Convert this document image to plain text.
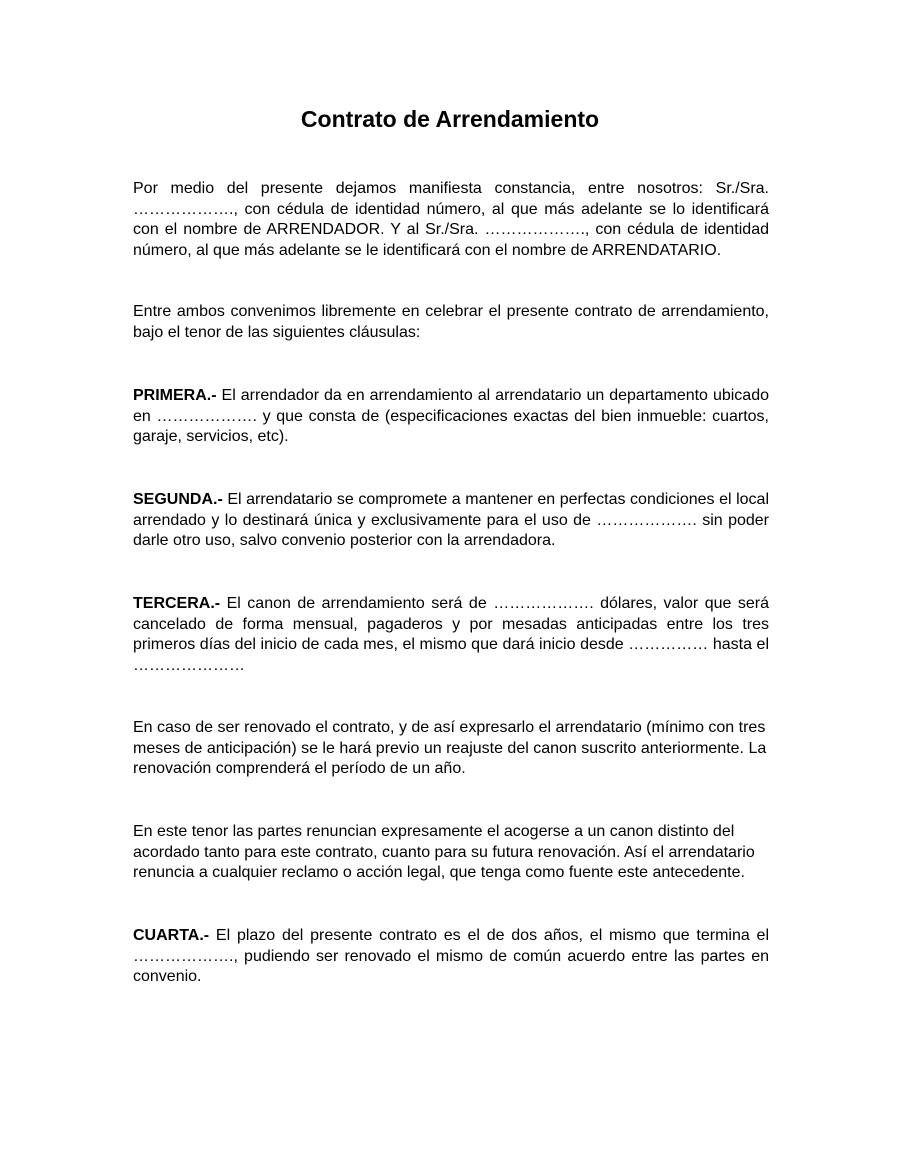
Contrato de Arrendamiento

Por medio del presente dejamos manifiesta constancia, entre nosotros: Sr./Sra. ………………., con cédula de identidad número, al que más adelante se lo identificará con el nombre de ARRENDADOR. Y al Sr./Sra. ………………., con cédula de identidad número, al que más adelante se le identificará con el nombre de ARRENDATARIO.

Entre ambos convenimos libremente en celebrar el presente contrato de arrendamiento, bajo el tenor de las siguientes cláusulas:

PRIMERA.- El arrendador da en arrendamiento al arrendatario un departamento ubicado en ………………. y que consta de (especificaciones exactas del bien inmueble: cuartos, garaje, servicios, etc).

SEGUNDA.- El arrendatario se compromete a mantener en perfectas condiciones el local arrendado y lo destinará única y exclusivamente para el uso de ………………. sin poder darle otro uso, salvo convenio posterior con la arrendadora.

TERCERA.- El canon de arrendamiento será de ………………. dólares, valor que será cancelado de forma mensual, pagaderos y por mesadas anticipadas entre los tres primeros días del inicio de cada mes, el mismo que dará inicio desde …………… hasta el …………………

En caso de ser renovado el contrato, y de así expresarlo el arrendatario (mínimo con tres meses de anticipación) se le hará previo un reajuste del canon suscrito anteriormente. La renovación comprenderá el período de un año.

En este tenor las partes renuncian expresamente el acogerse a un canon distinto del acordado tanto para este contrato, cuanto para su futura renovación. Así el arrendatario renuncia a cualquier reclamo o acción legal, que tenga como fuente este antecedente.

CUARTA.- El plazo del presente contrato es el de dos años, el mismo que termina el ………………., pudiendo ser renovado el mismo de común acuerdo entre las partes en convenio.
